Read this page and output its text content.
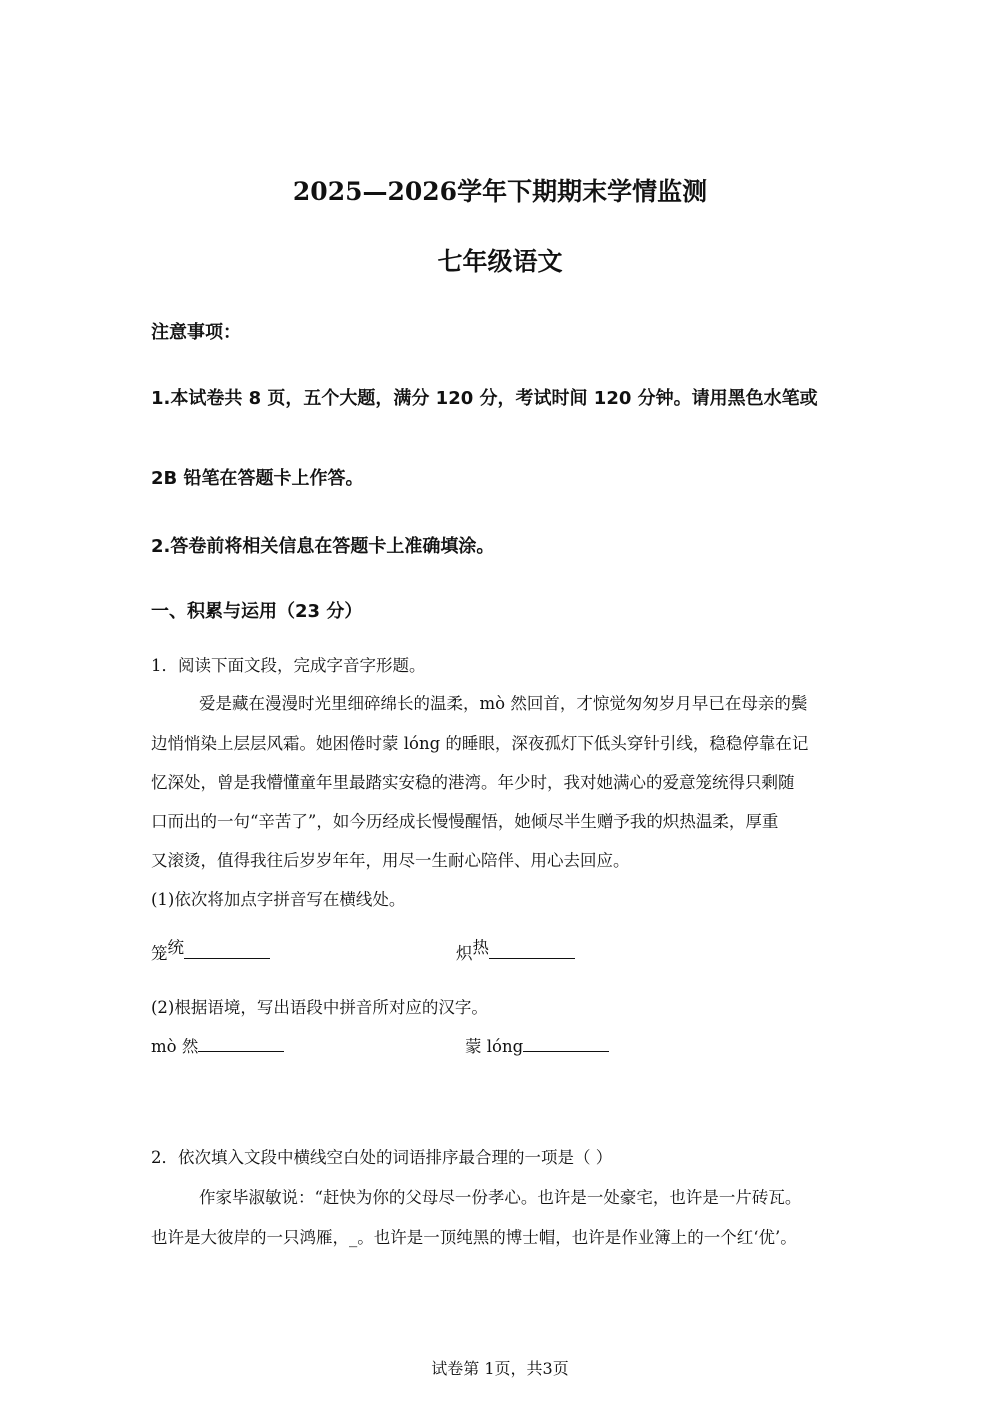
2025—2026学年下期期末学情监测
七年级语文
注意事项：
1.本试卷共 8 页，五个大题，满分 120 分，考试时间 120 分钟。请用黑色水笔或
2B 铅笔在答题卡上作答。
2.答卷前将相关信息在答题卡上准确填涂。
一、积累与运用（23 分）
1．阅读下面文段，完成字音字形题。
爱是藏在漫漫时光里细碎绵长的温柔，mò 然回首，才惊觉匆匆岁月早已在母亲的鬓
边悄悄染上层层风霜。她困倦时蒙 lóng 的睡眼，深夜孤灯下低头穿针引线，稳稳停靠在记
忆深处，曾是我懵懂童年里最踏实安稳的港湾。年少时，我对她满心的爱意笼统得只剩随
口而出的一句“辛苦了”，如今历经成长慢慢醒悟，她倾尽半生赠予我的炽热温柔，厚重
又滚烫，值得我往后岁岁年年，用尽一生耐心陪伴、用心去回应。
(1)依次将加点字拼音写在横线处。
笼统	炽热
(2)根据语境，写出语段中拼音所对应的汉字。
mò 然	蒙 lóng
2．依次填入文段中横线空白处的词语排序最合理的一项是（ ）
作家毕淑敏说：“赶快为你的父母尽一份孝心。也许是一处豪宅，也许是一片砖瓦。
也许是大彼岸的一只鸿雁，_。也许是一顶纯黑的博士帽，也许是作业簿上的一个红‘优’。
试卷第 1页，共3页
